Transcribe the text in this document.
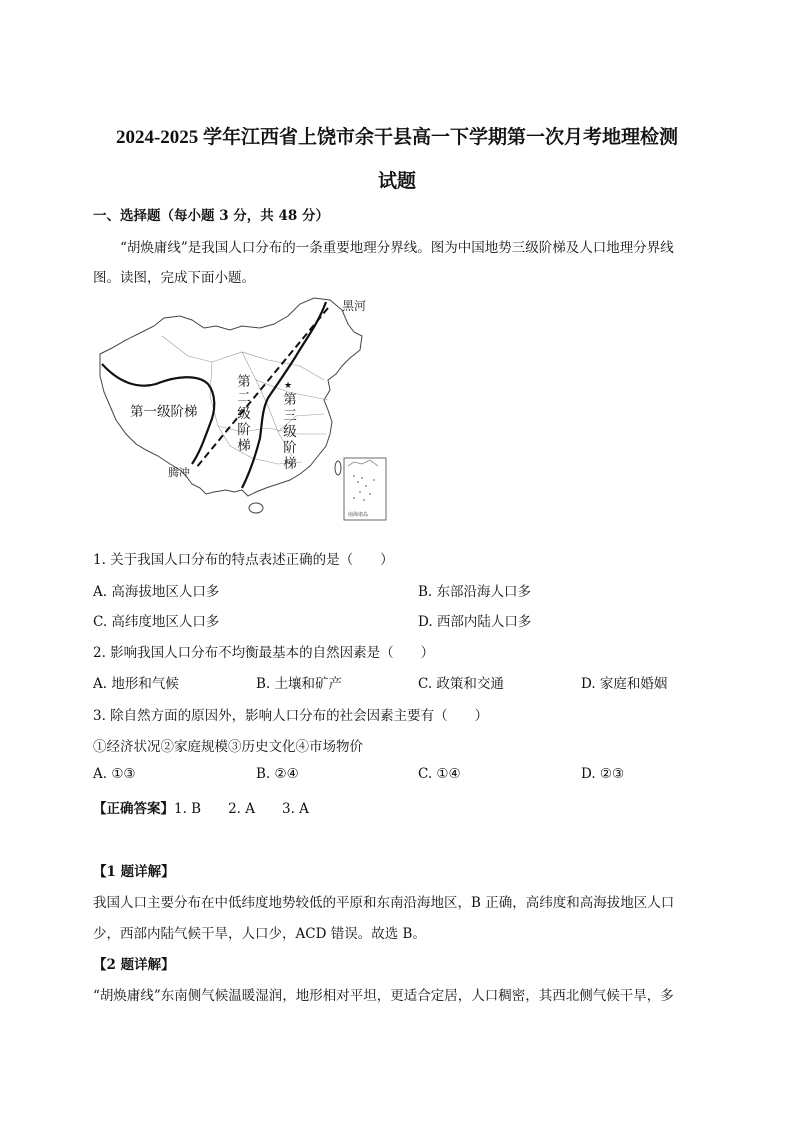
2024-2025 学年江西省上饶市余干县高一下学期第一次月考地理检测
试题
一、选择题（每小题 3 分，共 48 分）
“胡焕庸线”是我国人口分布的一条重要地理分界线。图为中国地势三级阶梯及人口地理分界线
图。读图，完成下面小题。
★
黑河
腾冲
第一级阶梯
第
二
级
阶
梯
第
三
级
阶
梯
南海诸岛
1. 关于我国人口分布的特点表述正确的是（　　）
A. 高海拔地区人口多	B. 东部沿海人口多
C. 高纬度地区人口多	D. 西部内陆人口多
2. 影响我国人口分布不均衡最基本的自然因素是（　　）
A. 地形和气候	B. 土壤和矿产	C. 政策和交通	D. 家庭和婚姻
3. 除自然方面的原因外，影响人口分布的社会因素主要有（　　）
①经济状况②家庭规模③历史文化④市场物价
A. ①③	B. ②④	C. ①④	D. ②③
【正确答案】1. B　　2. A　　3. A
【1 题详解】
我国人口主要分布在中低纬度地势较低的平原和东南沿海地区，B 正确，高纬度和高海拔地区人口
少，西部内陆气候干旱，人口少，ACD 错误。故选 B。
【2 题详解】
“胡焕庸线”东南侧气候温暖湿润，地形相对平坦，更适合定居，人口稠密，其西北侧气候干旱，多
